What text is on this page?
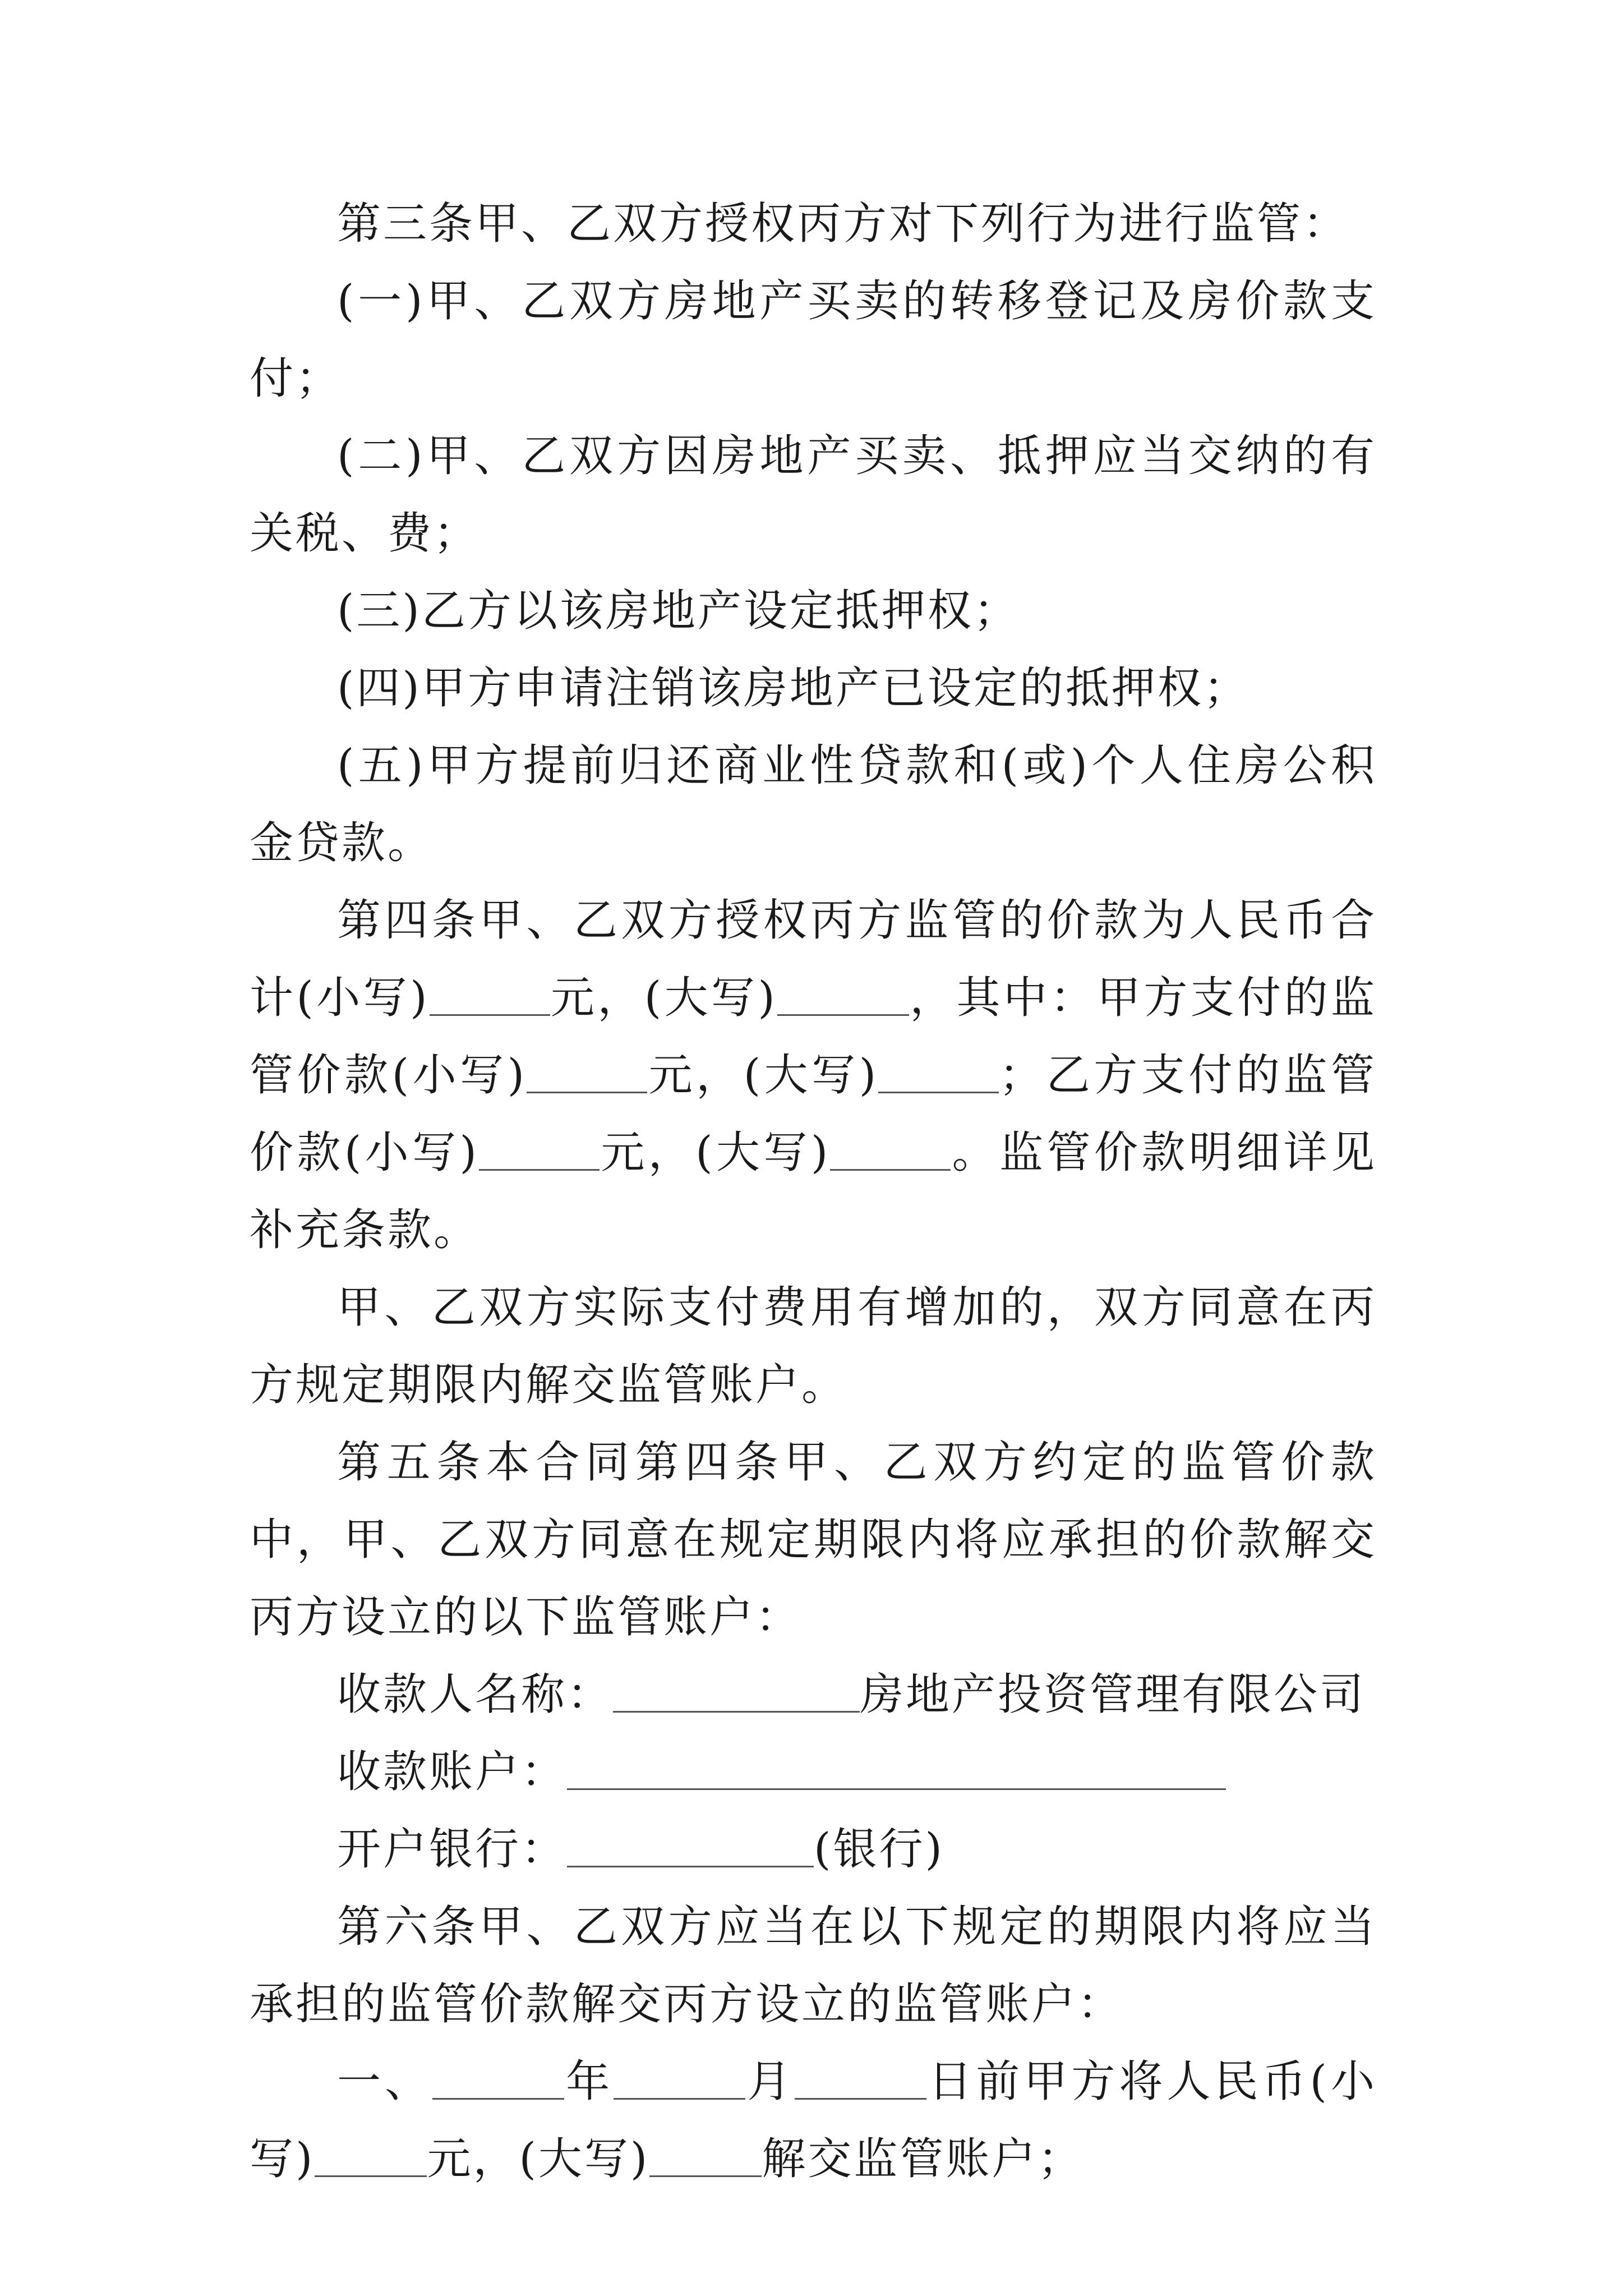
第三条甲、乙双方授权丙方对下列行为进行监管：

(一)甲、乙双方房地产买卖的转移登记及房价款支付；

(二)甲、乙双方因房地产买卖、抵押应当交纳的有关税、费；

(三)乙方以该房地产设定抵押权；

(四)甲方申请注销该房地产已设定的抵押权；

(五)甲方提前归还商业性贷款和(或)个人住房公积金贷款。

第四条甲、乙双方授权丙方监管的价款为人民币合计(小写)	元，(大写)	，其中：甲方支付的监管价款(小写)	元，(大写)	；乙方支付的监管价款(小写)	元，(大写)	。监管价款明细详见补充条款。

甲、乙双方实际支付费用有增加的，双方同意在丙方规定期限内解交监管账户。

第五条本合同第四条甲、乙双方约定的监管价款中，甲、乙双方同意在规定期限内将应承担的价款解交丙方设立的以下监管账户：

收款人名称：	房地产投资管理有限公司

收款账户：

开户银行：	(银行)

第六条甲、乙双方应当在以下规定的期限内将应当承担的监管价款解交丙方设立的监管账户：

一、	年	月	日前甲方将人民币(小写)	元，(大写)	解交监管账户；
